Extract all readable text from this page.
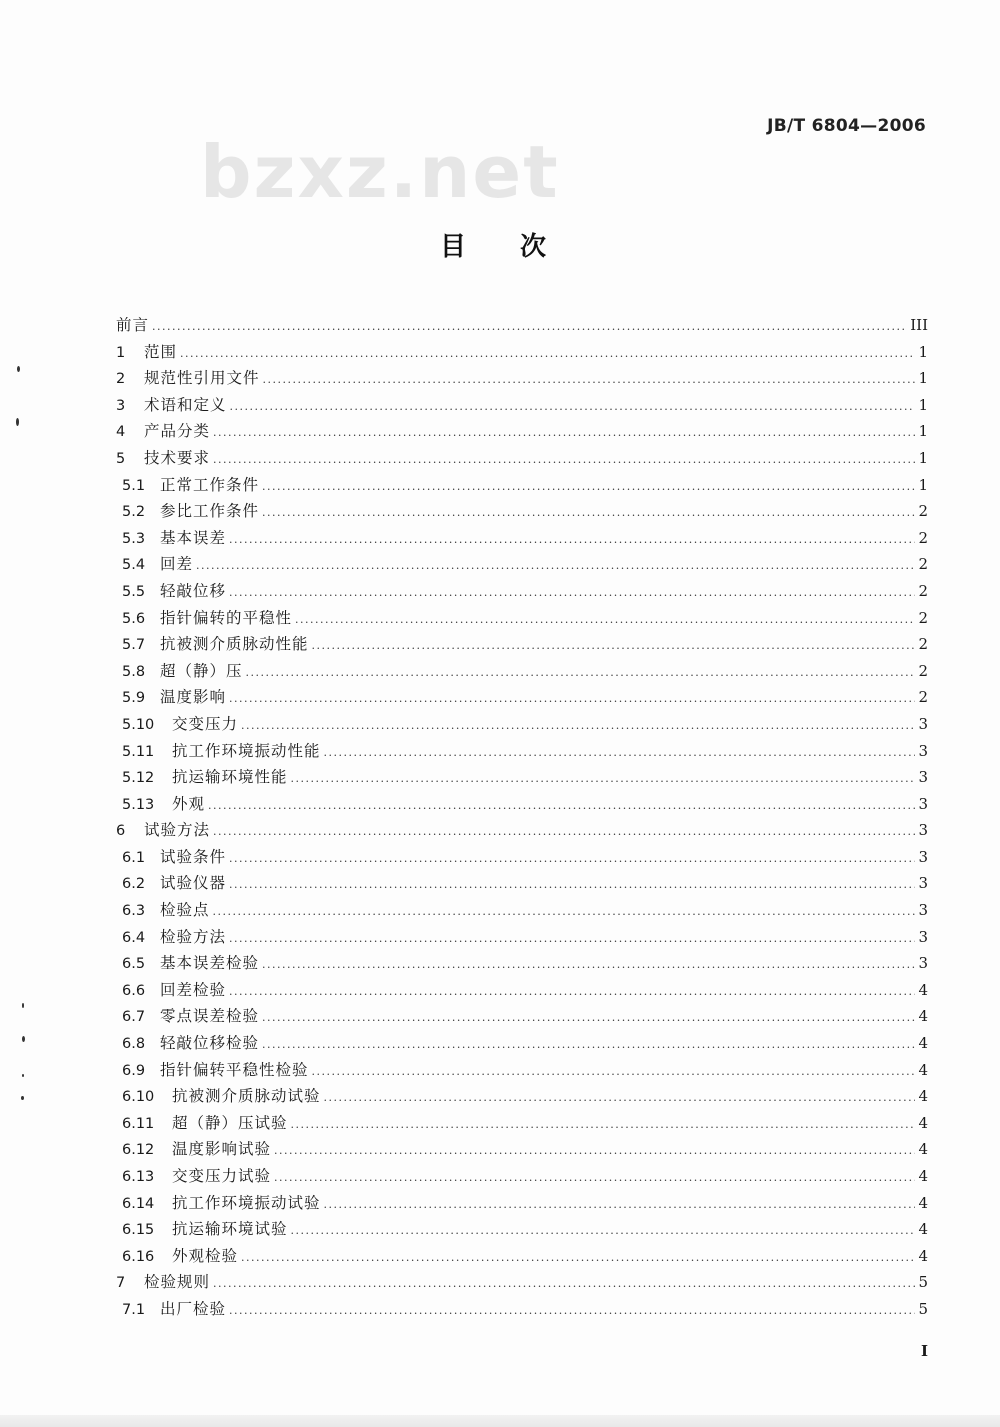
bzxz.net
JB/T 6804—2006
目次
前言 .....	III
1	范围 .....	1
2	规范性引用文件 .....	1
3	术语和定义 .....	1
4	产品分类 .....	1
5	技术要求 .....	1
5.1 正常工作条件 .....	1
5.2 参比工作条件 .....	2
5.3 基本误差 .....	2
5.4 回差 .....	2
5.5 轻敲位移 .....	2
5.6 指针偏转的平稳性 .....	2
5.7 抗被测介质脉动性能 .....	2
5.8 超（静）压 .....	2
5.9 温度影响 .....	2
5.10	交变压力 .....	3
5.11	抗工作环境振动性能 .....	3
5.12	抗运输环境性能 .....	3
5.13	外观 .....	3
6	试验方法 .....	3
6.1 试验条件 .....	3
6.2 试验仪器 .....	3
6.3 检验点 .....	3
6.4 检验方法 .....	3
6.5 基本误差检验 .....	3
6.6 回差检验 .....	4
6.7 零点误差检验 .....	4
6.8 轻敲位移检验 .....	4
6.9 指针偏转平稳性检验 .....	4
6.10	抗被测介质脉动试验 .....	4
6.11	超（静）压试验 .....	4
6.12	温度影响试验 .....	4
6.13	交变压力试验 .....	4
6.14	抗工作环境振动试验 .....	4
6.15	抗运输环境试验 .....	4
6.16	外观检验 .....	4
7	检验规则 .....	5
7.1 出厂检验 .....	5
I
